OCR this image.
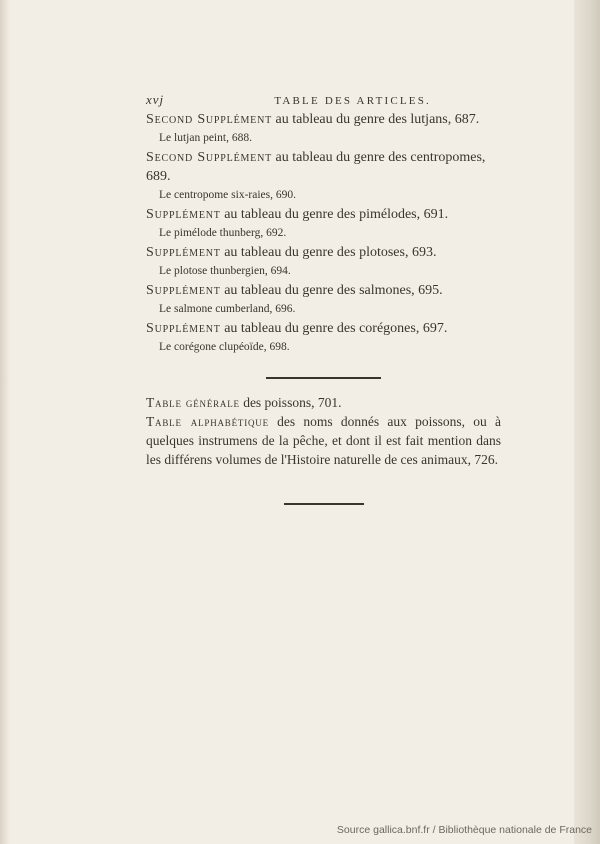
xvj	TABLE DES ARTICLES.
Second Supplément au tableau du genre des lutjans, 687.
Le lutjan peint, 688.
Second Supplément au tableau du genre des centropomes, 689.
Le centropome six-raies, 690.
Supplément au tableau du genre des pimélodes, 691.
Le pimélode thunberg, 692.
Supplément au tableau du genre des plotoses, 693.
Le plotose thunbergien, 694.
Supplément au tableau du genre des salmones, 695.
Le salmone cumberland, 696.
Supplément au tableau du genre des corégones, 697.
Le corégone clupéoïde, 698.
Table générale des poissons, 701.
Table alphabétique des noms donnés aux poissons, ou à quelques instrumens de la pêche, et dont il est fait mention dans les différens volumes de l'Histoire naturelle de ces animaux, 726.
Source gallica.bnf.fr / Bibliothèque nationale de France
